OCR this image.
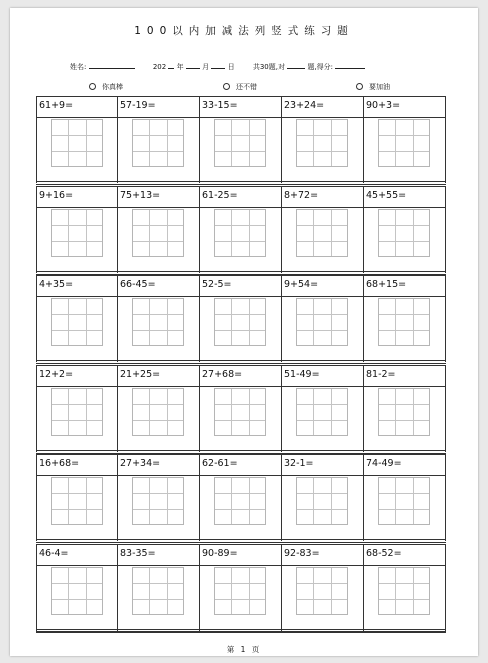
100以内加减法列竖式练习题
姓名:	202 年	月	日	共30题,对	题,得分:
你真棒	还不错	要加油
61+9=	57-19=	33-15=	23+24=	90+3=
9+16=	75+13=	61-25=	8+72=	45+55=
4+35=	66-45=	52-5=	9+54=	68+15=
12+2=	21+25=	27+68=	51-49=	81-2=
16+68=	27+34=	62-61=	32-1=	74-49=
46-4=	83-35=	90-89=	92-83=	68-52=
第 1 页
